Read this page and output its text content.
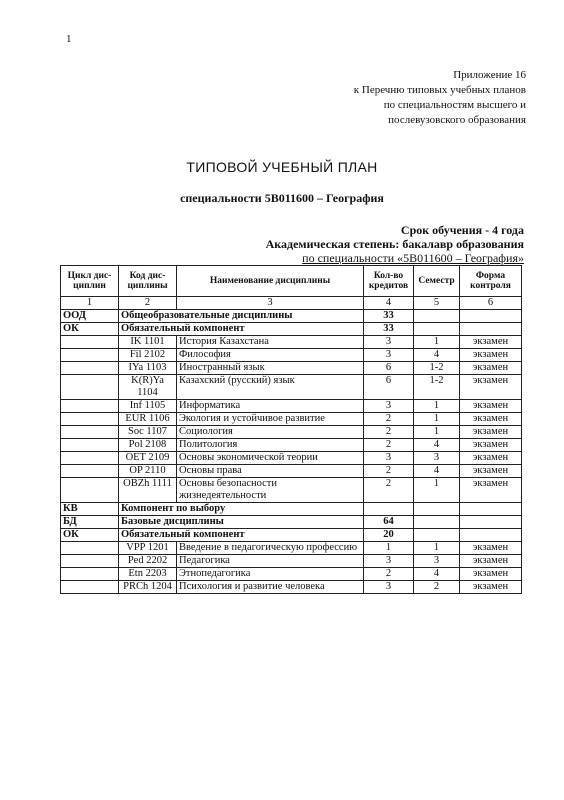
1
Приложение 16
к Перечню типовых учебных планов
по специальностям высшего и
послевузовского образования
ТИПОВОЙ УЧЕБНЫЙ ПЛАН
специальности 5В011600 – География
Срок обучения - 4 года
Академическая степень: бакалавр образования
по специальности «5В011600 – География»
Цикл дис-циплин	Код дис-циплины	Наименование дисциплины	Кол-во кредитов	Семестр	Форма контроля
1	2	3	4	5	6
ООД	Общеобразовательные дисциплины		33		
ОК	Обязательный компонент		33		
	IK 1101	История Казахстана	3	1	экзамен
	Fil 2102	Философия	3	4	экзамен
	IYa 1103	Иностранный язык	6	1-2	экзамен
	K(R)Ya 1104	Казахский (русский) язык	6	1-2	экзамен
	Inf 1105	Информатика	3	1	экзамен
	EUR 1106	Экология и устойчивое развитие	2	1	экзамен
	Soc 1107	Социология	2	1	экзамен
	Pol 2108	Политология	2	4	экзамен
	OET 2109	Основы экономической теории	3	3	экзамен
	OP 2110	Основы права	2	4	экзамен
	OBZh 1111	Основы безопасности жизнедеятельности	2	1	экзамен
КВ	Компонент по выбору				
БД	Базовые дисциплины		64		
ОК	Обязательный компонент		20		
	VPP 1201	Введение в педагогическую профессию	1	1	экзамен
	Ped 2202	Педагогика	3	3	экзамен
	Etn 2203	Этнопедагогика	2	4	экзамен
	PRCh 1204	Психология и развитие человека	3	2	экзамен
